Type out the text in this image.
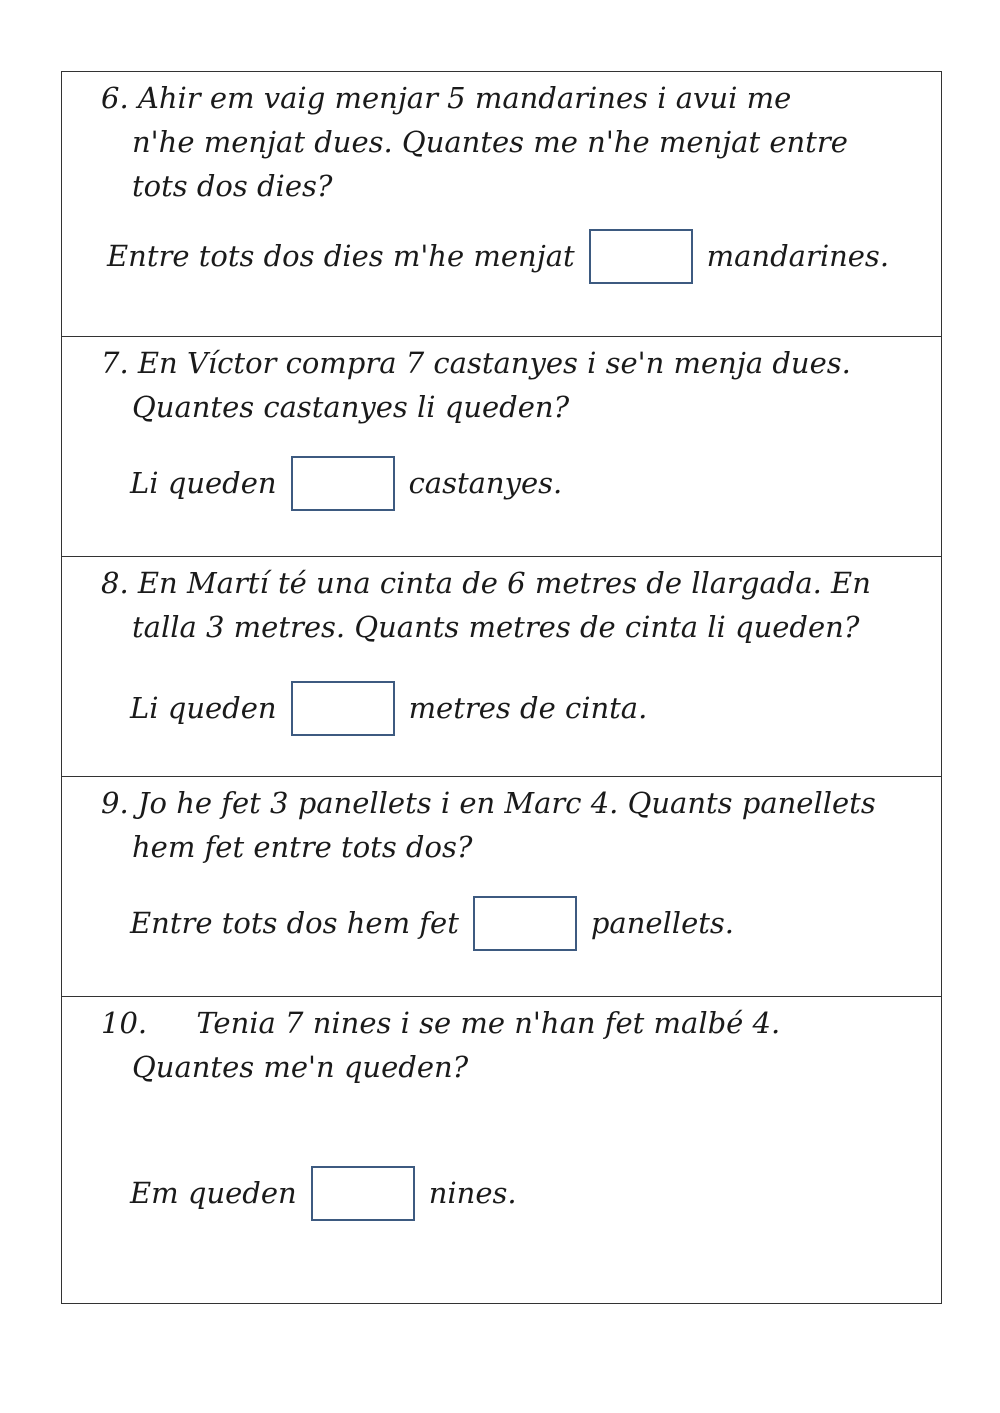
6. Ahir em vaig menjar 5 mandarines i avui me
n'he menjat dues. Quantes me n'he menjat entre
tots dos dies?
Entre tots dos dies m'he menjat	mandarines.
7. En Víctor compra 7 castanyes i se'n menja dues.
Quantes castanyes li queden?
Li queden	castanyes.
8. En Martí té una cinta de 6 metres de llargada. En
talla 3 metres. Quants metres de cinta li queden?
Li queden	metres de cinta.
9. Jo he fet 3 panellets i en Marc 4. Quants panellets
hem fet entre tots dos?
Entre tots dos hem fet	panellets.
10. Tenia 7 nines i se me n'han fet malbé 4.
Quantes me'n queden?
Em queden	nines.
